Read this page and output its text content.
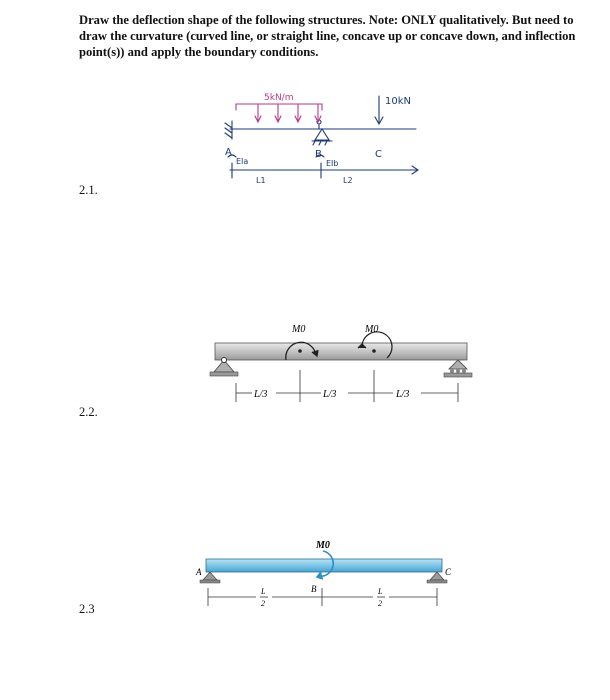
Draw the deflection shape of the following structures. Note: ONLY qualitatively. But need to draw the curvature (curved line, or straight line, concave up or concave down, and inflection point(s)) and apply the boundary conditions.
2.1.
2.2.
2.3
5kN/m	10kN
A	B	C
EIa	EIb
L1	L2
M0	M0
L/3	L/3	L/3
A	C
M0
B
L
2
L
2
